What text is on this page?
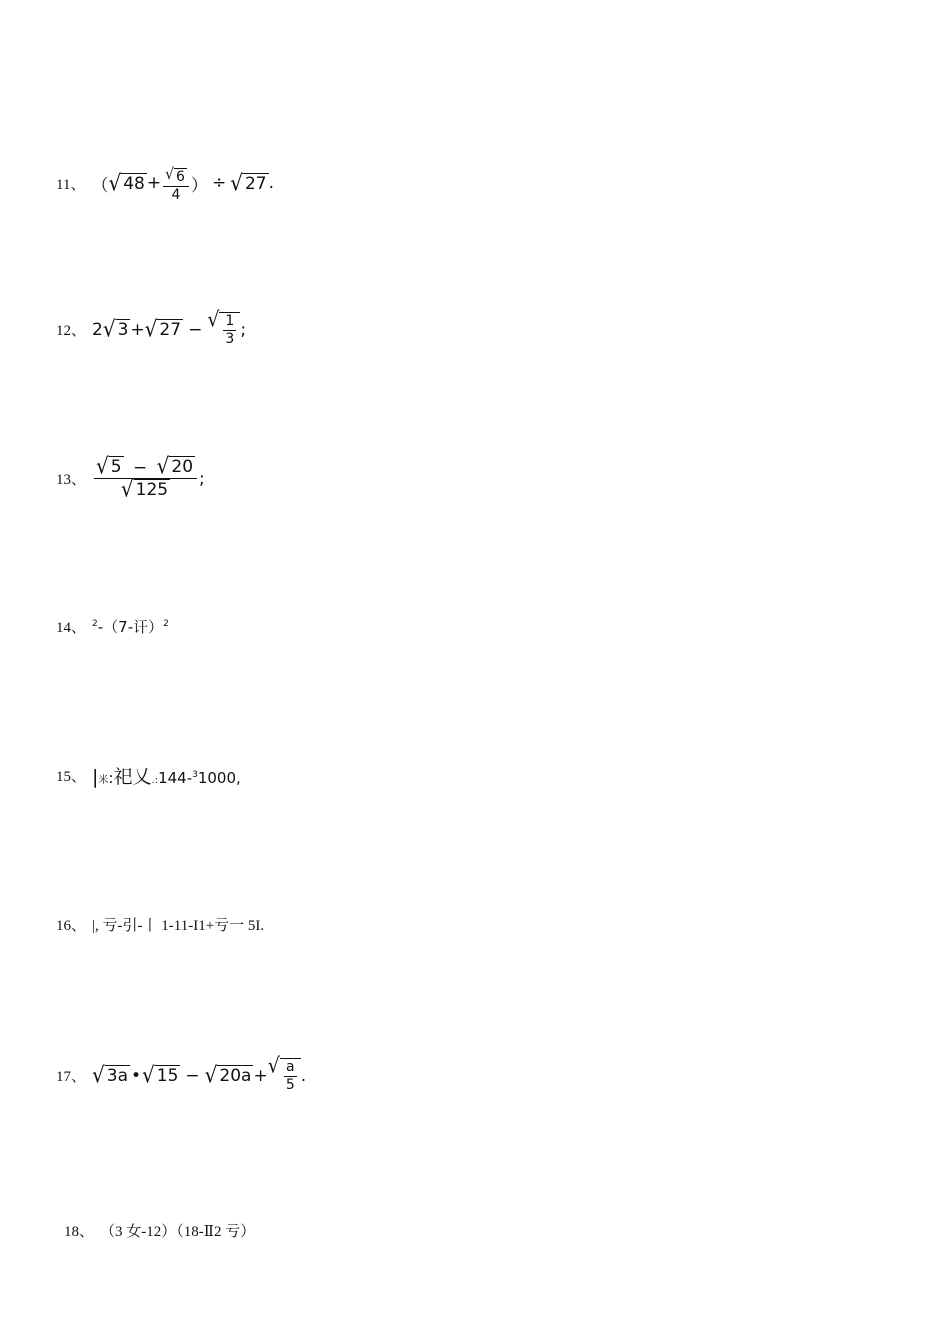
11、 （ √ $48 + \frac{√ 6}{4}$ ） ÷ √ 27 .
12、 2 √ 3 + √ 27 − √ $\frac{1}{3}$ ;
13、 $\frac{√ 5 - √ 20}{√ 125}$ ;
14、 $^2$-（7-讦）$^2$
15、 |米:祀乂.:144-$^3$1000,
16、 |, 亏-引-丨 1-11-I1+亏一 5I.
17、 √ 3a • √ 15 − √ 20a + √ $\frac{a}{5}$ .
18、 （3 女-12）（18-Ⅱ2 亏）
